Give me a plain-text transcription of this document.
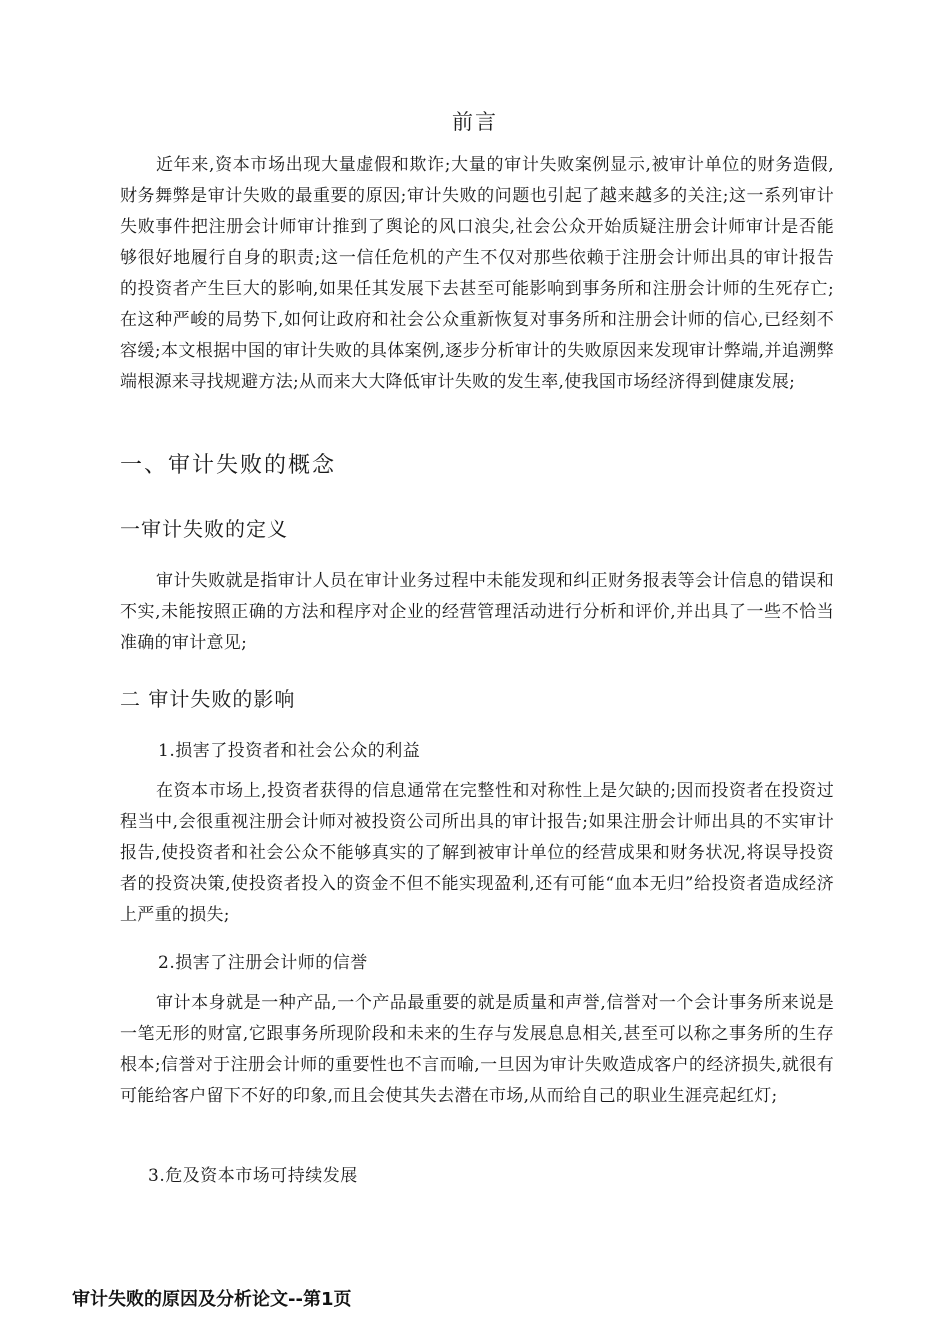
前言

近年来,资本市场出现大量虚假和欺诈;大量的审计失败案例显示,被审计单位的财务造假,财务舞弊是审计失败的最重要的原因;审计失败的问题也引起了越来越多的关注;这一系列审计失败事件把注册会计师审计推到了舆论的风口浪尖,社会公众开始质疑注册会计师审计是否能够很好地履行自身的职责;这一信任危机的产生不仅对那些依赖于注册会计师出具的审计报告的投资者产生巨大的影响,如果任其发展下去甚至可能影响到事务所和注册会计师的生死存亡;在这种严峻的局势下,如何让政府和社会公众重新恢复对事务所和注册会计师的信心,已经刻不容缓;本文根据中国的审计失败的具体案例,逐步分析审计的失败原因来发现审计弊端,并追溯弊端根源来寻找规避方法;从而来大大降低审计失败的发生率,使我国市场经济得到健康发展;

一、审计失败的概念
一审计失败的定义

审计失败就是指审计人员在审计业务过程中未能发现和纠正财务报表等会计信息的错误和不实,未能按照正确的方法和程序对企业的经营管理活动进行分析和评价,并出具了一些不恰当准确的审计意见;

二 审计失败的影响
1.损害了投资者和社会公众的利益

在资本市场上,投资者获得的信息通常在完整性和对称性上是欠缺的;因而投资者在投资过程当中,会很重视注册会计师对被投资公司所出具的审计报告;如果注册会计师出具的不实审计报告,使投资者和社会公众不能够真实的了解到被审计单位的经营成果和财务状况,将误导投资者的投资决策,使投资者投入的资金不但不能实现盈利,还有可能“血本无归”给投资者造成经济上严重的损失;

2.损害了注册会计师的信誉

审计本身就是一种产品,一个产品最重要的就是质量和声誉,信誉对一个会计事务所来说是一笔无形的财富,它跟事务所现阶段和未来的生存与发展息息相关,甚至可以称之事务所的生存根本;信誉对于注册会计师的重要性也不言而喻,一旦因为审计失败造成客户的经济损失,就很有可能给客户留下不好的印象,而且会使其失去潜在市场,从而给自己的职业生涯亮起红灯;

3.危及资本市场可持续发展
审计失败的原因及分析论文--第1页
